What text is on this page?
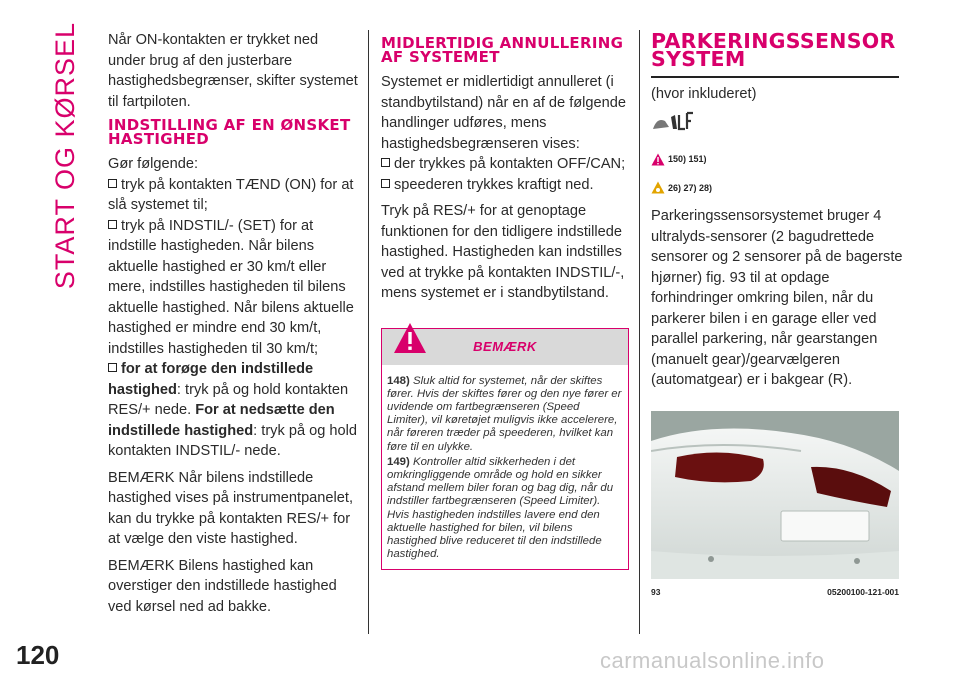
START OG KØRSEL
120	carmanualsonline.info

Når ON-kontakten er trykket ned under brug af den justerbare hastighedsbegrænser, skifter systemet til fartpiloten.

INDSTILLING AF EN ØNSKET HASTIGHED

Gør følgende:

tryk på kontakten TÆND (ON) for at slå systemet til;
tryk på INDSTIL/- (SET) for at indstille hastigheden. Når bilens aktuelle hastighed er 30 km/t eller mere, indstilles hastigheden til bilens aktuelle hastighed. Når bilens aktuelle hastighed er mindre end 30 km/t, indstilles hastigheden til 30 km/t;
for at forøge den indstillede hastighed: tryk på og hold kontakten RES/+ nede. For at nedsætte den indstillede hastighed: tryk på og hold kontakten INDSTIL/- nede.

BEMÆRK Når bilens indstillede hastighed vises på instrumentpanelet, kan du trykke på kontakten RES/+ for at vælge den viste hastighed.

BEMÆRK Bilens hastighed kan overstiger den indstillede hastighed ved kørsel ned ad bakke.

MIDLERTIDIG ANNULLERING AF SYSTEMET

Systemet er midlertidigt annulleret (i standbytilstand) når en af de følgende handlinger udføres, mens hastighedsbegrænseren vises:

der trykkes på kontakten OFF/CAN;
speederen trykkes kraftigt ned.

Tryk på RES/+ for at genoptage funktionen for den tidligere indstillede hastighed. Hastigheden kan indstilles ved at trykke på kontakten INDSTIL/-, mens systemet er i standbytilstand.

BEMÆRK
148) Sluk altid for systemet, når der skiftes fører. Hvis der skiftes fører og den nye fører er uvidende om fartbegrænseren (Speed Limiter), vil køretøjet muligvis ikke accelerere, når føreren træder på speederen, hvilket kan føre til en ulykke.
149) Kontroller altid sikkerheden i det omkringliggende område og hold en sikker afstand mellem biler foran og bag dig, når du indstiller fartbegrænseren (Speed Limiter). Hvis hastigheden indstilles lavere end den aktuelle hastighed for bilen, vil bilens hastighed blive reduceret til den indstillede hastighed.
PARKERINGSSENSOR SYSTEM
(hvor inkluderet)
150) 151)
26) 27) 28)

Parkeringssensorsystemet bruger 4 ultralyds-sensorer (2 bagudrettede sensorer og 2 sensorer på de bagerste hjørner) fig. 93 til at opdage forhindringer omkring bilen, når du parkerer bilen i en garage eller ved parallel parkering, når gearstangen (manuelt gear)/gearvælgeren (automatgear) er i bakgear (R).

93	05200100-121-001
